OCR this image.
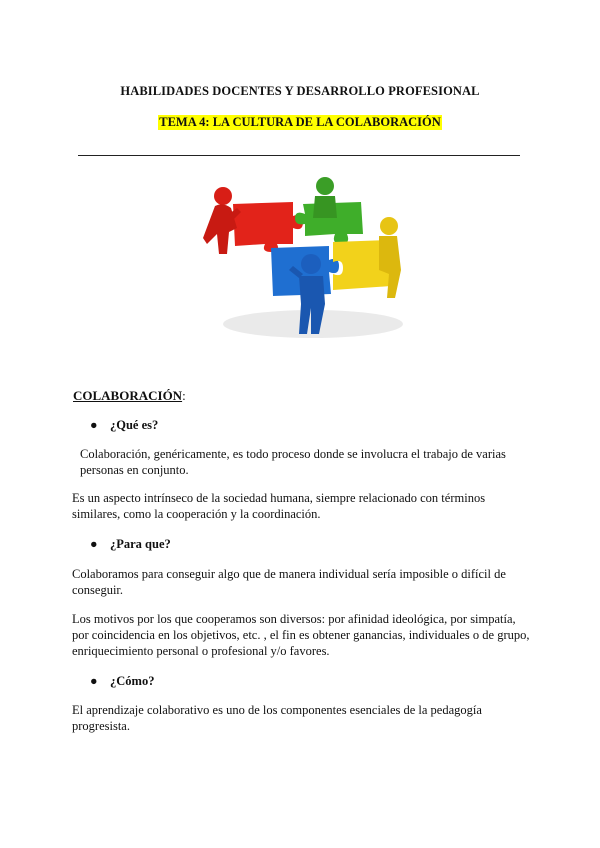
HABILIDADES DOCENTES Y DESARROLLO PROFESIONAL
TEMA 4: LA CULTURA DE LA COLABORACIÓN
COLABORACIÓN:
● ¿Qué es?

Colaboración, genéricamente, es todo proceso donde se involucra el trabajo de varias personas en conjunto.

Es un aspecto intrínseco de la sociedad humana, siempre relacionado con términos similares, como la cooperación y la coordinación.

● ¿Para que?

Colaboramos para conseguir algo que de manera individual sería imposible o difícil de conseguir.

Los motivos por los que cooperamos son diversos: por afinidad ideológica, por simpatía, por coincidencia en los objetivos, etc. , el fin es obtener ganancias, individuales o de grupo, enriquecimiento personal o profesional y/o favores.

● ¿Cómo?

El aprendizaje colaborativo es uno de los componentes esenciales de la pedagogía progresista.
